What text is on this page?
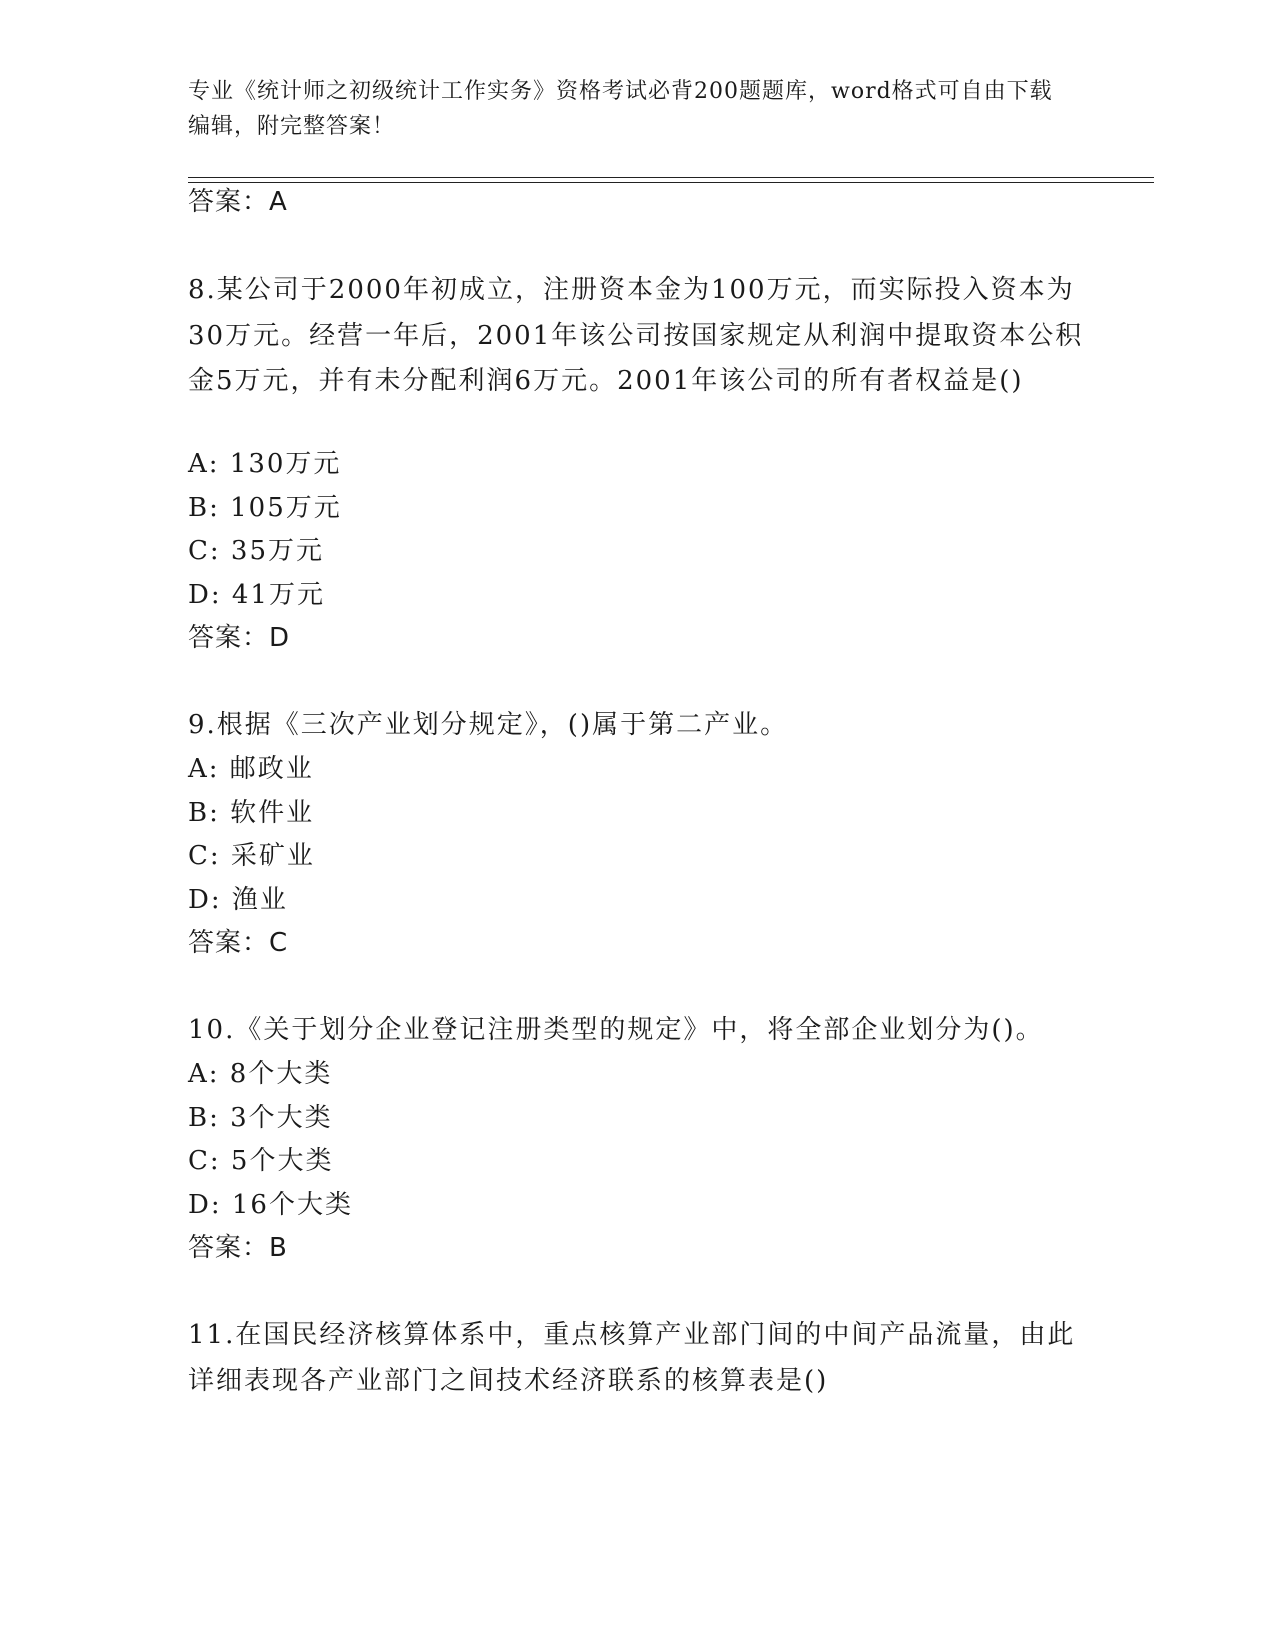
专业《统计师之初级统计工作实务》资格考试必背200题题库，word格式可自由下载编辑，附完整答案！
答案：A
8.某公司于2000年初成立，注册资本金为100万元，而实际投入资本为30万元。经营一年后，2001年该公司按国家规定从利润中提取资本公积金5万元，并有未分配利润6万元。2001年该公司的所有者权益是()
A: 130万元
B: 105万元
C: 35万元
D: 41万元
答案：D
9.根据《三次产业划分规定》，()属于第二产业。
A: 邮政业
B: 软件业
C: 采矿业
D: 渔业
答案：C
10.《关于划分企业登记注册类型的规定》中，将全部企业划分为()。
A: 8个大类
B: 3个大类
C: 5个大类
D: 16个大类
答案：B
11.在国民经济核算体系中，重点核算产业部门间的中间产品流量，由此详细表现各产业部门之间技术经济联系的核算表是()
